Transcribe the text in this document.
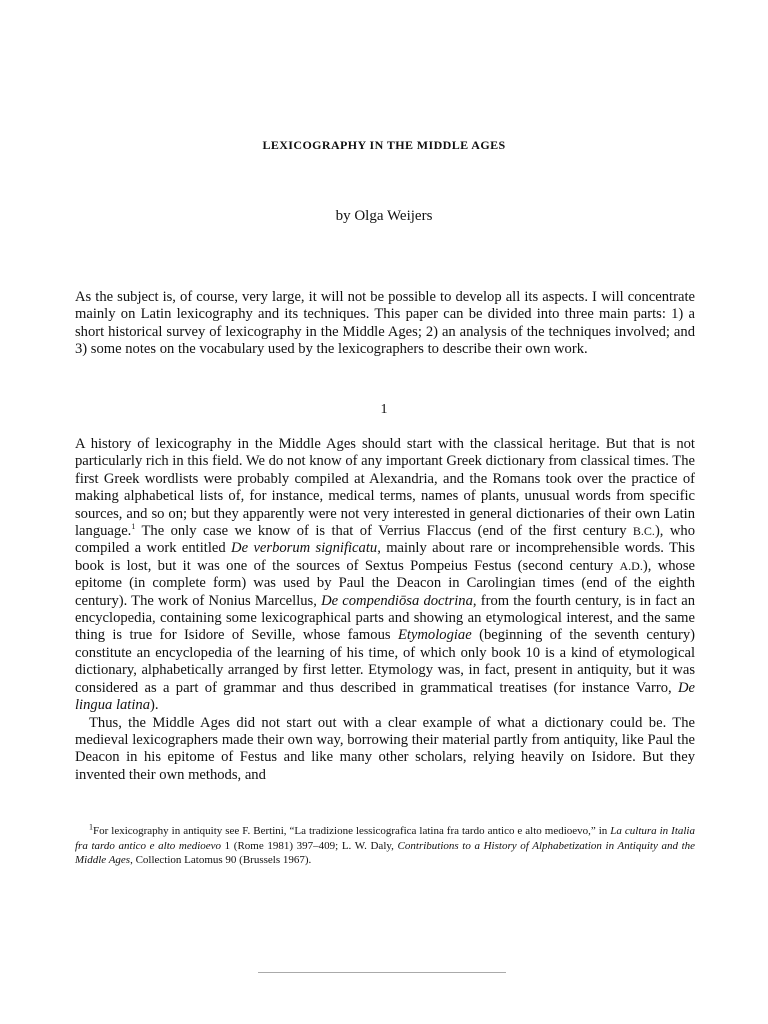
LEXICOGRAPHY IN THE MIDDLE AGES
by Olga Weijers

As the subject is, of course, very large, it will not be possible to develop all its aspects. I will concentrate mainly on Latin lexicography and its techniques. This paper can be divided into three main parts: 1) a short historical survey of lexicography in the Middle Ages; 2) an analysis of the techniques involved; and 3) some notes on the vocabulary used by the lexicographers to describe their own work.

1

A history of lexicography in the Middle Ages should start with the classical heritage. But that is not particularly rich in this field. We do not know of any important Greek dictionary from classical times. The first Greek wordlists were probably compiled at Alexandria, and the Romans took over the practice of making alphabetical lists of, for instance, medical terms, names of plants, unusual words from specific sources, and so on; but they apparently were not very interested in general dictionaries of their own Latin language.$^1$ The only case we know of is that of Verrius Flaccus (end of the first century B.C.), who compiled a work entitled De verborum significatu, mainly about rare or incomprehensible words. This book is lost, but it was one of the sources of Sextus Pompeius Festus (second century A.D.), whose epitome (in complete form) was used by Paul the Deacon in Carolingian times (end of the eighth century). The work of Nonius Marcellus, De compendiōsa doctrina, from the fourth century, is in fact an encyclopedia, containing some lexicographical parts and showing an etymological interest, and the same thing is true for Isidore of Seville, whose famous Etymologiae (beginning of the seventh century) constitute an encyclopedia of the learning of his time, of which only book 10 is a kind of etymological dictionary, alphabetically arranged by first letter. Etymology was, in fact, present in antiquity, but it was considered as a part of grammar and thus described in grammatical treatises (for instance Varro, De lingua latina).

Thus, the Middle Ages did not start out with a clear example of what a dictionary could be. The medieval lexicographers made their own way, borrowing their material partly from antiquity, like Paul the Deacon in his epitome of Festus and like many other scholars, relying heavily on Isidore. But they invented their own methods, and

$^1$For lexicography in antiquity see F. Bertini, “La tradizione lessicografica latina fra tardo antico e alto medioevo,” in La cultura in Italia fra tardo antico e alto medioevo 1 (Rome 1981) 397–409; L. W. Daly, Contributions to a History of Alphabetization in Antiquity and the Middle Ages, Collection Latomus 90 (Brussels 1967).
